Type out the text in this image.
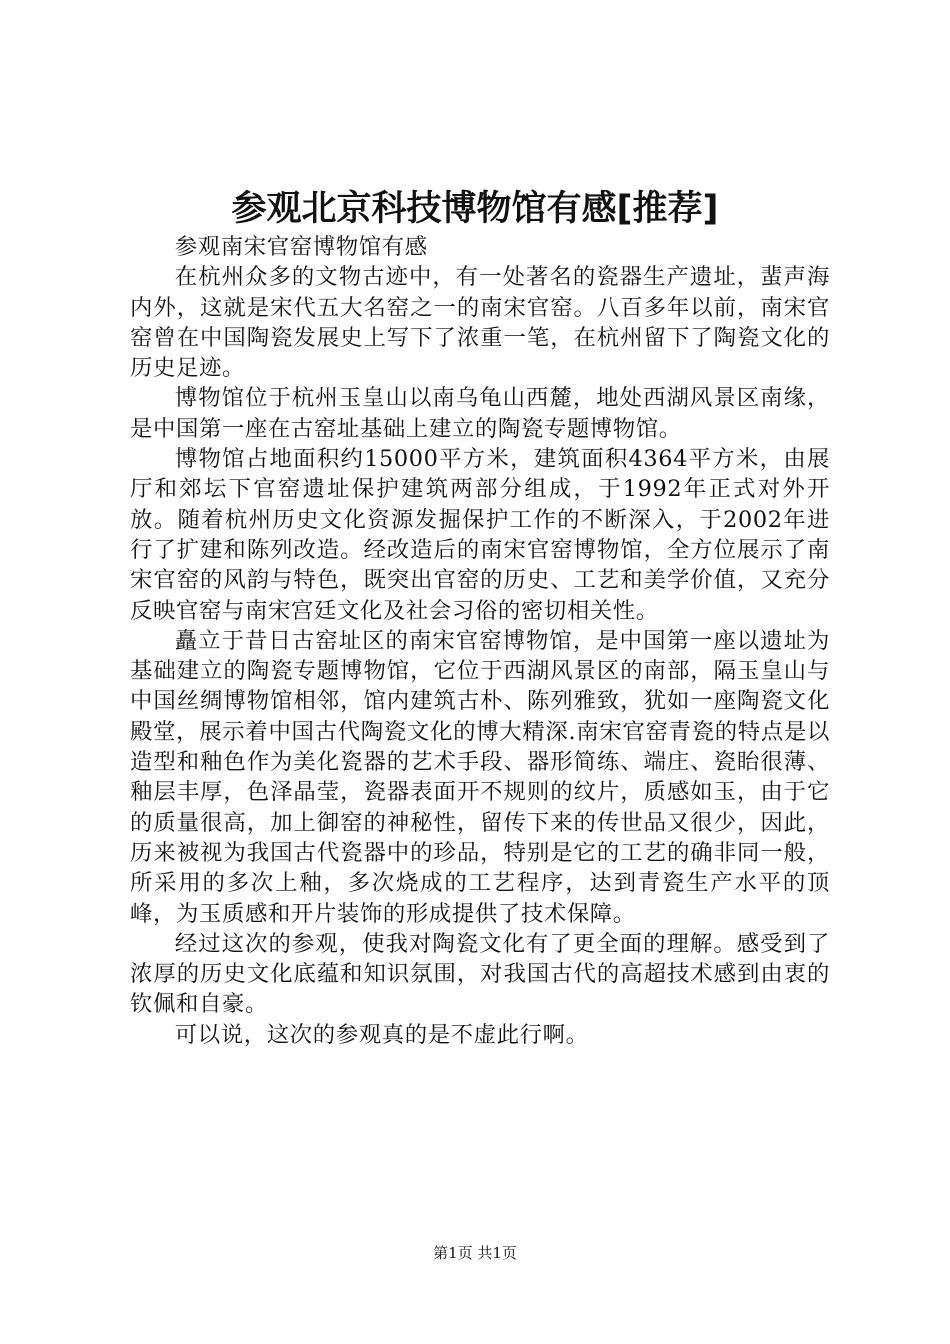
参观北京科技博物馆有感[推荐]

参观南宋官窑博物馆有感

在杭州众多的文物古迹中，有一处著名的瓷器生产遗址，蜚声海内外，这就是宋代五大名窑之一的南宋官窑。八百多年以前，南宋官窑曾在中国陶瓷发展史上写下了浓重一笔，在杭州留下了陶瓷文化的历史足迹。

博物馆位于杭州玉皇山以南乌龟山西麓，地处西湖风景区南缘，是中国第一座在古窑址基础上建立的陶瓷专题博物馆。

博物馆占地面积约15000平方米，建筑面积4364平方米，由展厅和郊坛下官窑遗址保护建筑两部分组成，于1992年正式对外开放。随着杭州历史文化资源发掘保护工作的不断深入，于2002年进行了扩建和陈列改造。经改造后的南宋官窑博物馆，全方位展示了南宋官窑的风韵与特色，既突出官窑的历史、工艺和美学价值，又充分反映官窑与南宋宫廷文化及社会习俗的密切相关性。

矗立于昔日古窑址区的南宋官窑博物馆，是中国第一座以遗址为基础建立的陶瓷专题博物馆，它位于西湖风景区的南部，隔玉皇山与中国丝绸博物馆相邻，馆内建筑古朴、陈列雅致，犹如一座陶瓷文化殿堂，展示着中国古代陶瓷文化的博大精深.南宋官窑青瓷的特点是以造型和釉色作为美化瓷器的艺术手段、器形简练、端庄、瓷眙很薄、釉层丰厚，色泽晶莹，瓷器表面开不规则的纹片，质感如玉，由于它的质量很高，加上御窑的神秘性，留传下来的传世品又很少，因此，历来被视为我国古代瓷器中的珍品，特别是它的工艺的确非同一般，所采用的多次上釉，多次烧成的工艺程序，达到青瓷生产水平的顶峰，为玉质感和开片装饰的形成提供了技术保障。

经过这次的参观，使我对陶瓷文化有了更全面的理解。感受到了浓厚的历史文化底蕴和知识氛围，对我国古代的高超技术感到由衷的钦佩和自豪。

可以说，这次的参观真的是不虚此行啊。

第1页 共1页
